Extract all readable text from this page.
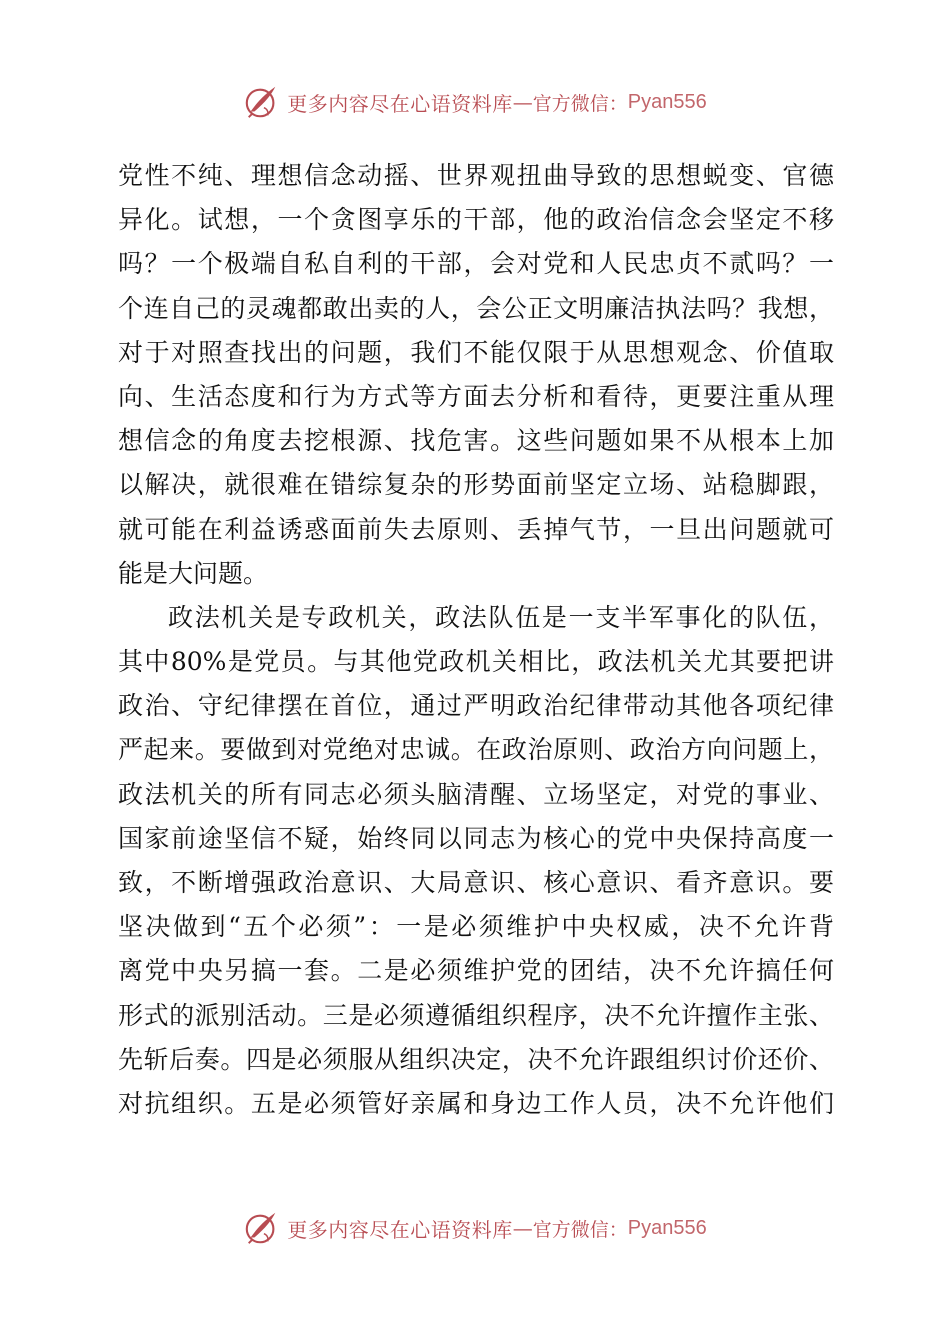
更多内容尽在心语资料库 — 官方微信： Pyan556
党性不纯、理想信念动摇、世界观扭曲导致的思想蜕变、官德
异化。试想，一个贪图享乐的干部，他的政治信念会坚定不移
吗？一个极端自私自利的干部，会对党和人民忠贞不贰吗？一
个连自己的灵魂都敢出卖的人，会公正文明廉洁执法吗？我想，
对于对照查找出的问题，我们不能仅限于从思想观念、价值取
向、生活态度和行为方式等方面去分析和看待，更要注重从理
想信念的角度去挖根源、找危害。这些问题如果不从根本上加
以解决，就很难在错综复杂的形势面前坚定立场、站稳脚跟，
就可能在利益诱惑面前失去原则、丢掉气节，一旦出问题就可
能是大问题。
政法机关是专政机关，政法队伍是一支半军事化的队伍，
其中80%是党员。与其他党政机关相比，政法机关尤其要把讲
政治、守纪律摆在首位，通过严明政治纪律带动其他各项纪律
严起来。要做到对党绝对忠诚。在政治原则、政治方向问题上，
政法机关的所有同志必须头脑清醒、立场坚定，对党的事业、
国家前途坚信不疑，始终同以同志为核心的党中央保持高度一
致，不断增强政治意识、大局意识、核心意识、看齐意识。要
坚决做到“五个必须”：一是必须维护中央权威，决不允许背
离党中央另搞一套。二是必须维护党的团结，决不允许搞任何
形式的派别活动。三是必须遵循组织程序，决不允许擅作主张、
先斩后奏。四是必须服从组织决定，决不允许跟组织讨价还价、
对抗组织。五是必须管好亲属和身边工作人员，决不允许他们
更多内容尽在心语资料库 — 官方微信： Pyan556
